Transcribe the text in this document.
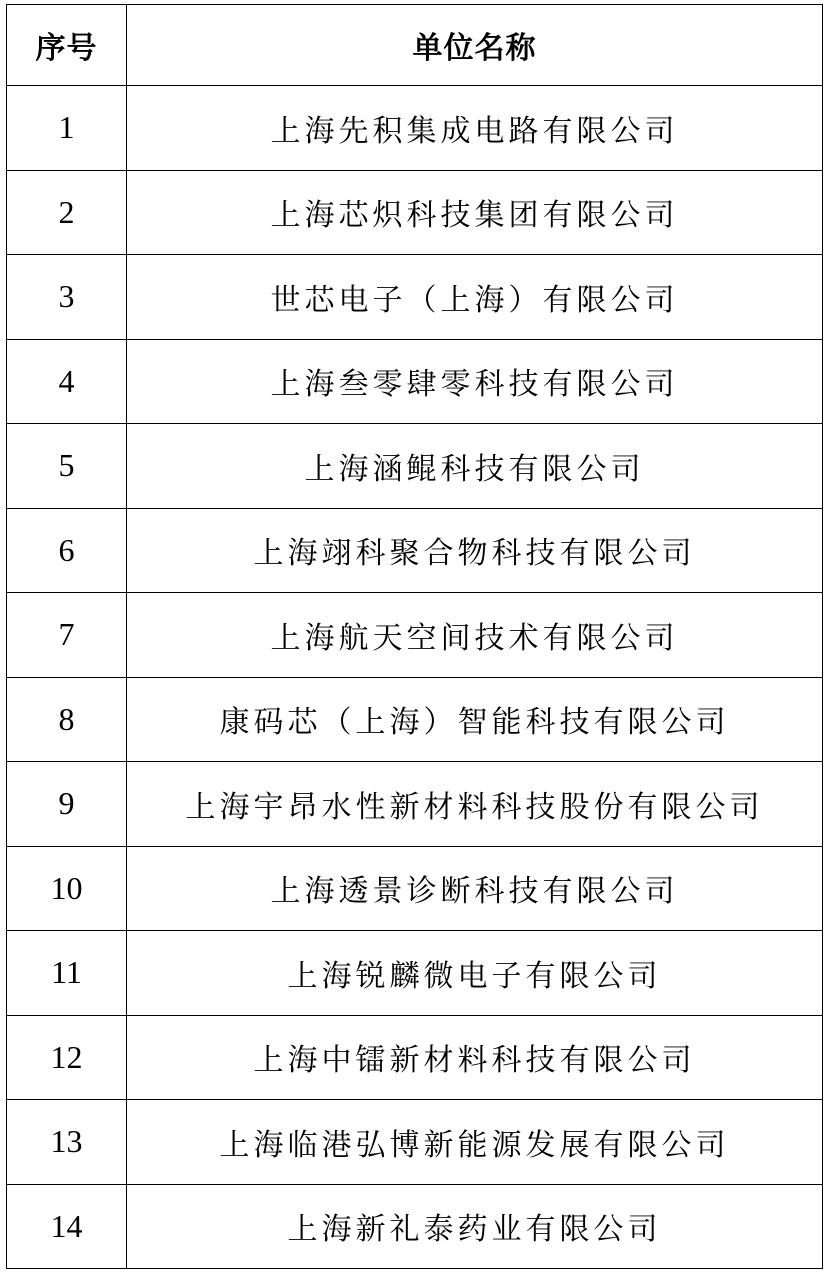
序号	单位名称
1	上海先积集成电路有限公司
2	上海芯炽科技集团有限公司
3	世芯电子（上海）有限公司
4	上海叁零肆零科技有限公司
5	上海涵鲲科技有限公司
6	上海翊科聚合物科技有限公司
7	上海航天空间技术有限公司
8	康码芯（上海）智能科技有限公司
9	上海宇昂水性新材料科技股份有限公司
10	上海透景诊断科技有限公司
11	上海锐麟微电子有限公司
12	上海中镭新材料科技有限公司
13	上海临港弘博新能源发展有限公司
14	上海新礼泰药业有限公司
